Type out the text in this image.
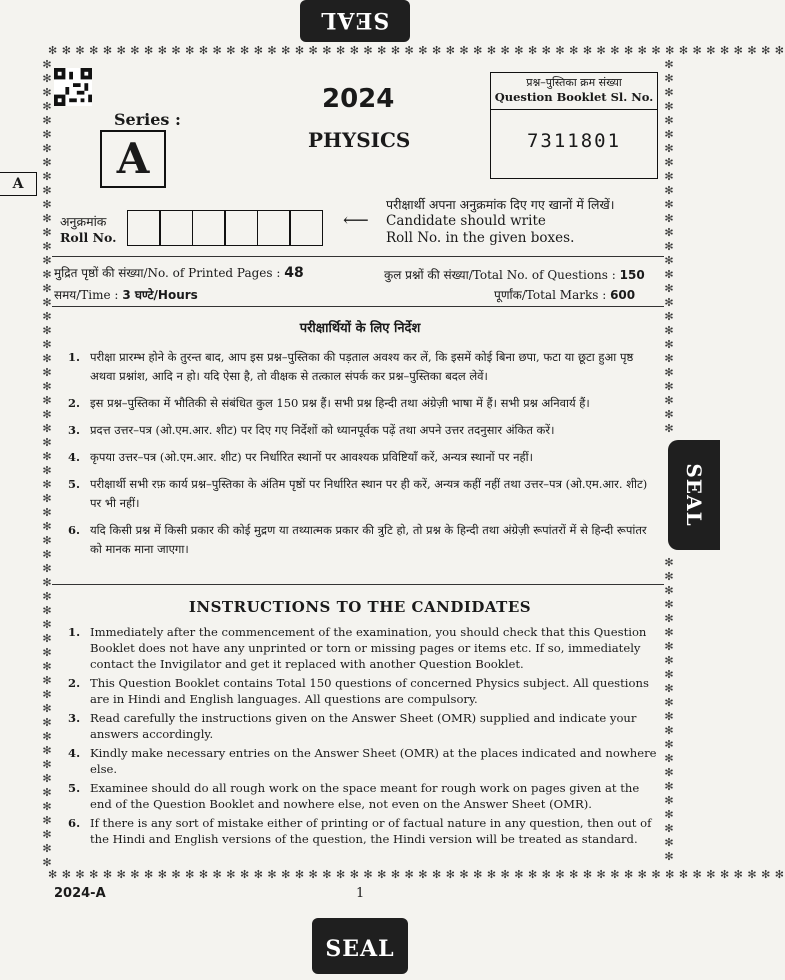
SEAL
SEAL
SEAL
✻ ✻ ✻ ✻ ✻ ✻ ✻ ✻ ✻ ✻ ✻ ✻ ✻ ✻ ✻ ✻ ✻ ✻ ✻ ✻ ✻ ✻ ✻ ✻ ✻ ✻ ✻ ✻ ✻ ✻ ✻ ✻ ✻ ✻ ✻ ✻ ✻ ✻ ✻ ✻ ✻ ✻ ✻ ✻ ✻ ✻ ✻ ✻ ✻ ✻ ✻ ✻ ✻ ✻
✻ ✻ ✻ ✻ ✻ ✻ ✻ ✻ ✻ ✻ ✻ ✻ ✻ ✻ ✻ ✻ ✻ ✻ ✻ ✻ ✻ ✻ ✻ ✻ ✻ ✻ ✻ ✻ ✻ ✻ ✻ ✻ ✻ ✻ ✻ ✻ ✻ ✻ ✻ ✻ ✻ ✻ ✻ ✻ ✻ ✻ ✻ ✻ ✻ ✻ ✻ ✻ ✻ ✻
✻✻✻✻✻✻✻✻✻✻✻✻✻✻✻✻✻✻✻✻✻✻✻✻✻✻✻✻✻✻✻✻✻✻✻✻✻✻✻✻✻✻✻✻✻✻✻✻✻✻✻✻✻✻✻✻✻✻
✻✻✻✻✻✻✻✻✻✻✻✻✻✻✻✻✻✻✻✻✻✻✻✻✻✻✻
✻✻✻✻✻✻✻✻✻✻✻✻✻✻✻✻✻✻✻✻✻✻
Series :
A
A
2024
PHYSICS
प्रश्न–पुस्तिका क्रम संख्या
Question Booklet Sl. No.
7311801
अनुक्रमांक
Roll No.
⟵
परीक्षार्थी अपना अनुक्रमांक दिए गए खानों में लिखें।
Candidate should write
Roll No. in the given boxes.
मुद्रित पृष्ठों की संख्या/No. of Printed Pages : 48	कुल प्रश्नों की संख्या/Total No. of Questions : 150
समय/Time : 3 घण्टे/Hours	पूर्णांक/Total Marks : 600
परीक्षार्थियों के लिए निर्देश
1. परीक्षा प्रारम्भ होने के तुरन्त बाद, आप इस प्रश्न–पुस्तिका की पड़ताल अवश्य कर लें, कि इसमें कोई बिना छपा, फटा या छूटा हुआ पृष्ठ अथवा प्रश्नांश, आदि न हो। यदि ऐसा है, तो वीक्षक से तत्काल संपर्क कर प्रश्न–पुस्तिका बदल लेवें।
2. इस प्रश्न–पुस्तिका में भौतिकी से संबंधित कुल 150 प्रश्न हैं। सभी प्रश्न हिन्दी तथा अंग्रेज़ी भाषा में हैं। सभी प्रश्न अनिवार्य हैं।
3. प्रदत्त उत्तर–पत्र (ओ.एम.आर. शीट) पर दिए गए निर्देशों को ध्यानपूर्वक पढ़ें तथा अपने उत्तर तदनुसार अंकित करें।
4. कृपया उत्तर–पत्र (ओ.एम.आर. शीट) पर निर्धारित स्थानों पर आवश्यक प्रविष्टियाँ करें, अन्यत्र स्थानों पर नहीं।
5. परीक्षार्थी सभी रफ़ कार्य प्रश्न–पुस्तिका के अंतिम पृष्ठों पर निर्धारित स्थान पर ही करें, अन्यत्र कहीं नहीं तथा उत्तर–पत्र (ओ.एम.आर. शीट) पर भी नहीं।
6. यदि किसी प्रश्न में किसी प्रकार की कोई मुद्रण या तथ्यात्मक प्रकार की त्रुटि हो, तो प्रश्न के हिन्दी तथा अंग्रेज़ी रूपांतरों में से हिन्दी रूपांतर को मानक माना जाएगा।
INSTRUCTIONS TO THE CANDIDATES
1. Immediately after the commencement of the examination, you should check that this Question Booklet does not have any unprinted or torn or missing pages or items etc. If so, immediately contact the Invigilator and get it replaced with another Question Booklet.
2. This Question Booklet contains Total 150 questions of concerned Physics subject. All questions are in Hindi and English languages. All questions are compulsory.
3. Read carefully the instructions given on the Answer Sheet (OMR) supplied and indicate your answers accordingly.
4. Kindly make necessary entries on the Answer Sheet (OMR) at the places indicated and nowhere else.
5. Examinee should do all rough work on the space meant for rough work on pages given at the end of the Question Booklet and nowhere else, not even on the Answer Sheet (OMR).
6. If there is any sort of mistake either of printing or of factual nature in any question, then out of the Hindi and English versions of the question, the Hindi version will be treated as standard.
2024-A	1
